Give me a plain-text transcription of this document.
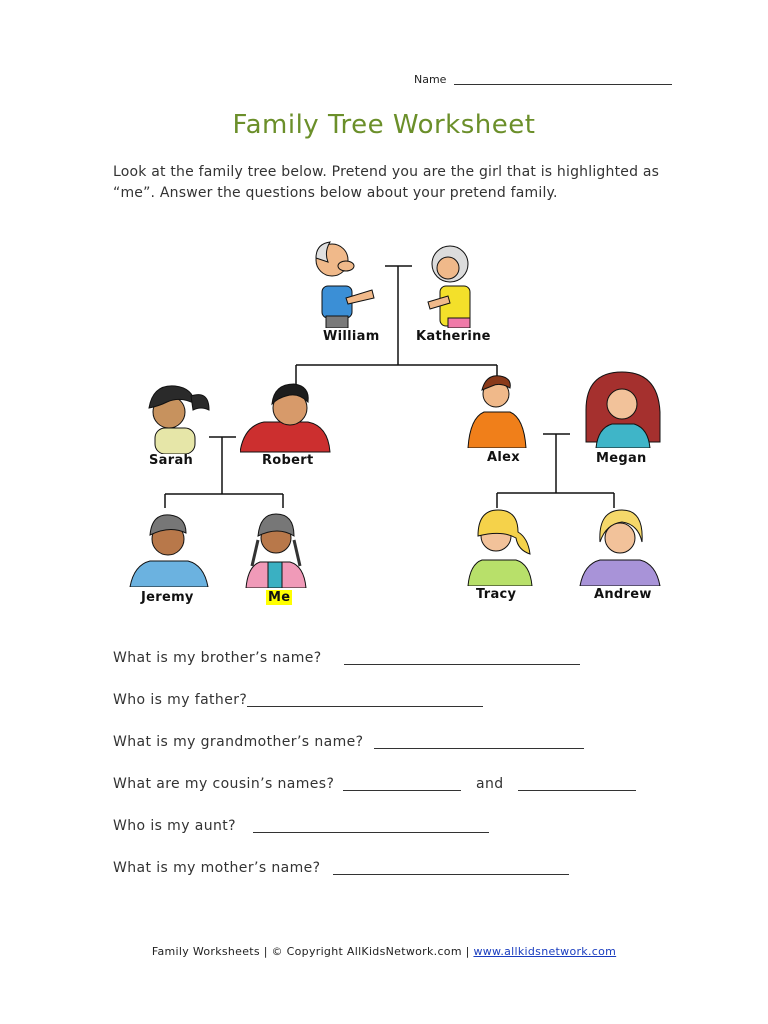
Name
Family Tree Worksheet
Look at the family tree below. Pretend you are the girl that is highlighted as “me”. Answer the questions below about your pretend family.
William	Katherine
Sarah	Robert	Alex	Megan
Jeremy	Me	Tracy	Andrew
What is my brother’s name?
Who is my father?
What is my grandmother’s name?
What are my cousin’s names?	and
Who is my aunt?
What is my mother’s name?
Family Worksheets | © Copyright AllKidsNetwork.com | www.allkidsnetwork.com
